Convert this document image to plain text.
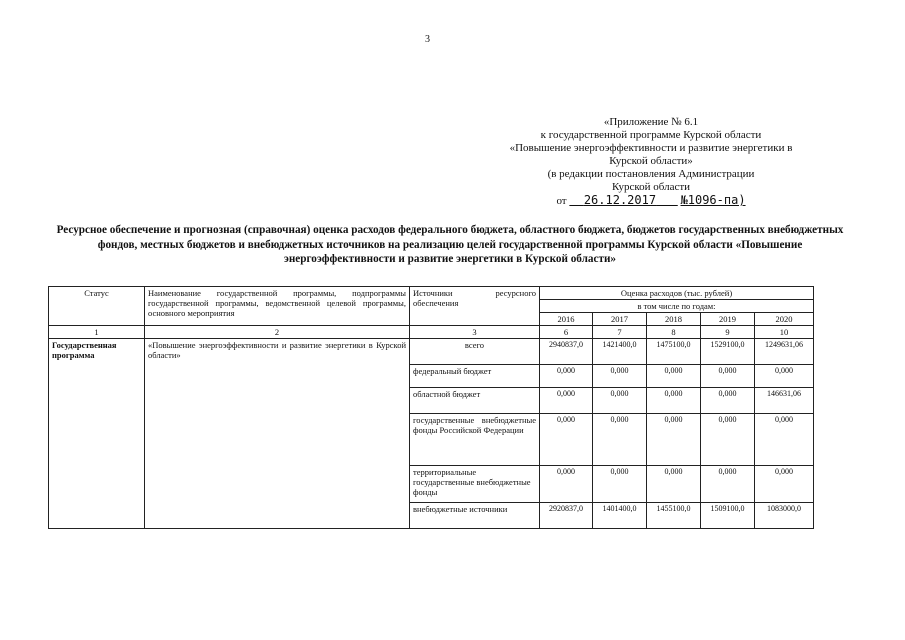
3
«Приложение № 6.1
к государственной программе Курской области
«Повышение энергоэффективности и развитие энергетики в
Курской области»
(в редакции постановления Администрации
Курской области
от 26.12.2017 №1096-па)
Ресурсное обеспечение и прогнозная (справочная) оценка расходов федерального бюджета, областного бюджета, бюджетов государственных внебюджетных фондов, местных бюджетов и внебюджетных источников на реализацию целей государственной программы Курской области «Повышение энергоэффективности и развитие энергетики в Курской области»
Статус	Наименование государственной программы, подпрограммы государственной программы, ведомственной целевой программы, основного мероприятия	Источники ресурсного обеспечения	Оценка расходов (тыс. рублей)				
			в том числе по годам:				
			2016	2017	2018	2019	2020
1	2	3	6	7	8	9	10
Государственная программа	«Повышение энергоэффективности и развитие энергетики в Курской области»	всего	2940837,0	1421400,0	1475100,0	1529100,0	1249631,06
		федеральный бюджет	0,000	0,000	0,000	0,000	0,000
		областной бюджет	0,000	0,000	0,000	0,000	146631,06
		государственные внебюджетные фонды Российской Федерации	0,000	0,000	0,000	0,000	0,000
		территориальные государственные внебюджетные фонды	0,000	0,000	0,000	0,000	0,000
		внебюджетные источники	2920837,0	1401400,0	1455100,0	1509100,0	1083000,0
